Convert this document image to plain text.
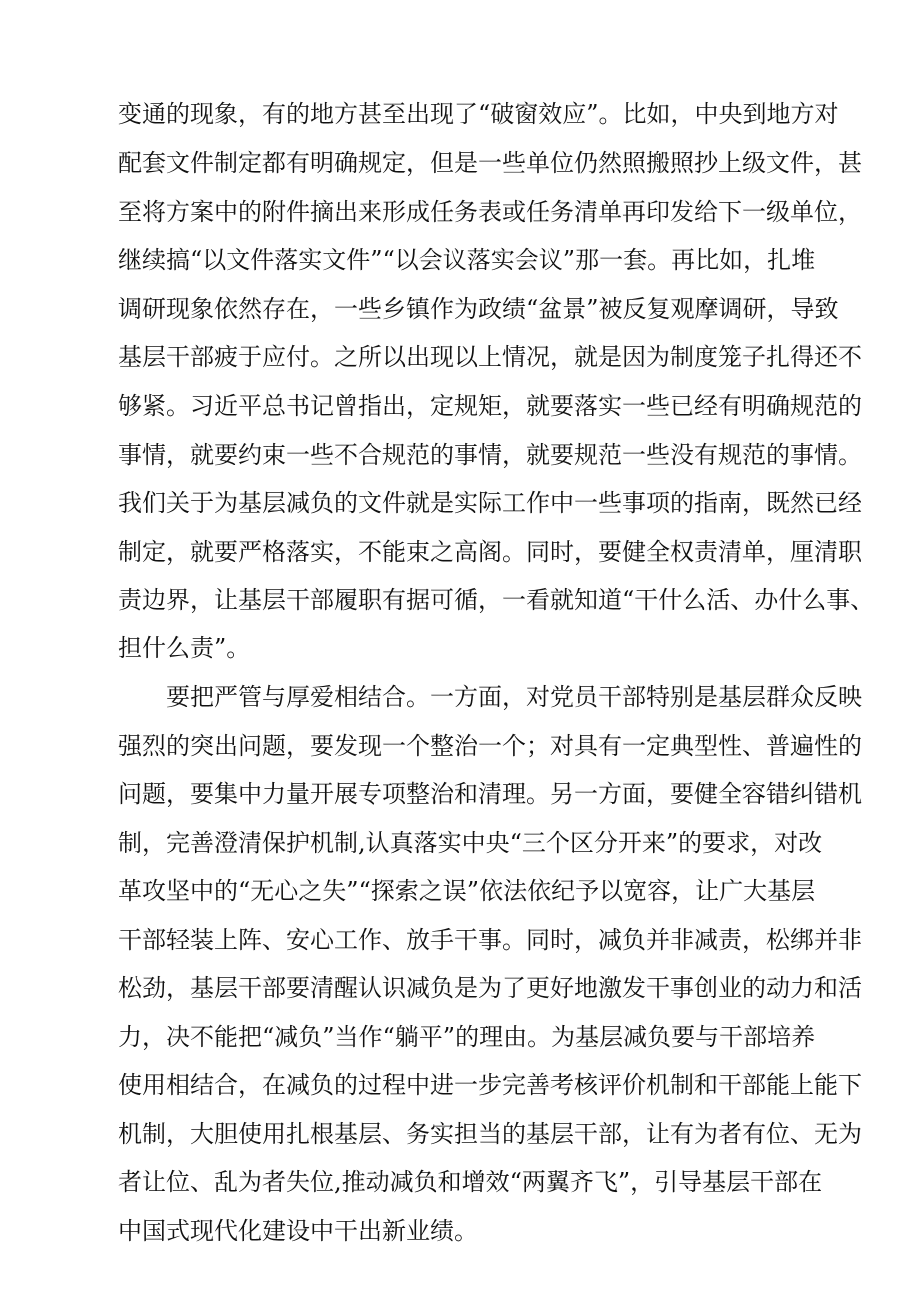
变通的现象，有的地方甚至出现了“破窗效应”。比如，中央到地方对
配套文件制定都有明确规定，但是一些单位仍然照搬照抄上级文件，甚
至将方案中的附件摘出来形成任务表或任务清单再印发给下一级单位，
继续搞“以文件落实文件”“以会议落实会议”那一套。再比如，扎堆
调研现象依然存在，一些乡镇作为政绩“盆景”被反复观摩调研，导致
基层干部疲于应付。之所以出现以上情况，就是因为制度笼子扎得还不
够紧。习近平总书记曾指出，定规矩，就要落实一些已经有明确规范的
事情，就要约束一些不合规范的事情，就要规范一些没有规范的事情。
我们关于为基层减负的文件就是实际工作中一些事项的指南，既然已经
制定，就要严格落实，不能束之高阁。同时，要健全权责清单，厘清职
责边界，让基层干部履职有据可循，一看就知道“干什么活、办什么事、
担什么责”。
要把严管与厚爱相结合。一方面，对党员干部特别是基层群众反映
强烈的突出问题，要发现一个整治一个；对具有一定典型性、普遍性的
问题，要集中力量开展专项整治和清理。另一方面，要健全容错纠错机
制，完善澄清保护机制,认真落实中央“三个区分开来”的要求，对改
革攻坚中的“无心之失”“探索之误”依法依纪予以宽容，让广大基层
干部轻装上阵、安心工作、放手干事。同时，减负并非减责，松绑并非
松劲，基层干部要清醒认识减负是为了更好地激发干事创业的动力和活
力，决不能把“减负”当作“躺平”的理由。为基层减负要与干部培养
使用相结合，在减负的过程中进一步完善考核评价机制和干部能上能下
机制，大胆使用扎根基层、务实担当的基层干部，让有为者有位、无为
者让位、乱为者失位,推动减负和增效“两翼齐飞”，引导基层干部在
中国式现代化建设中干出新业绩。
